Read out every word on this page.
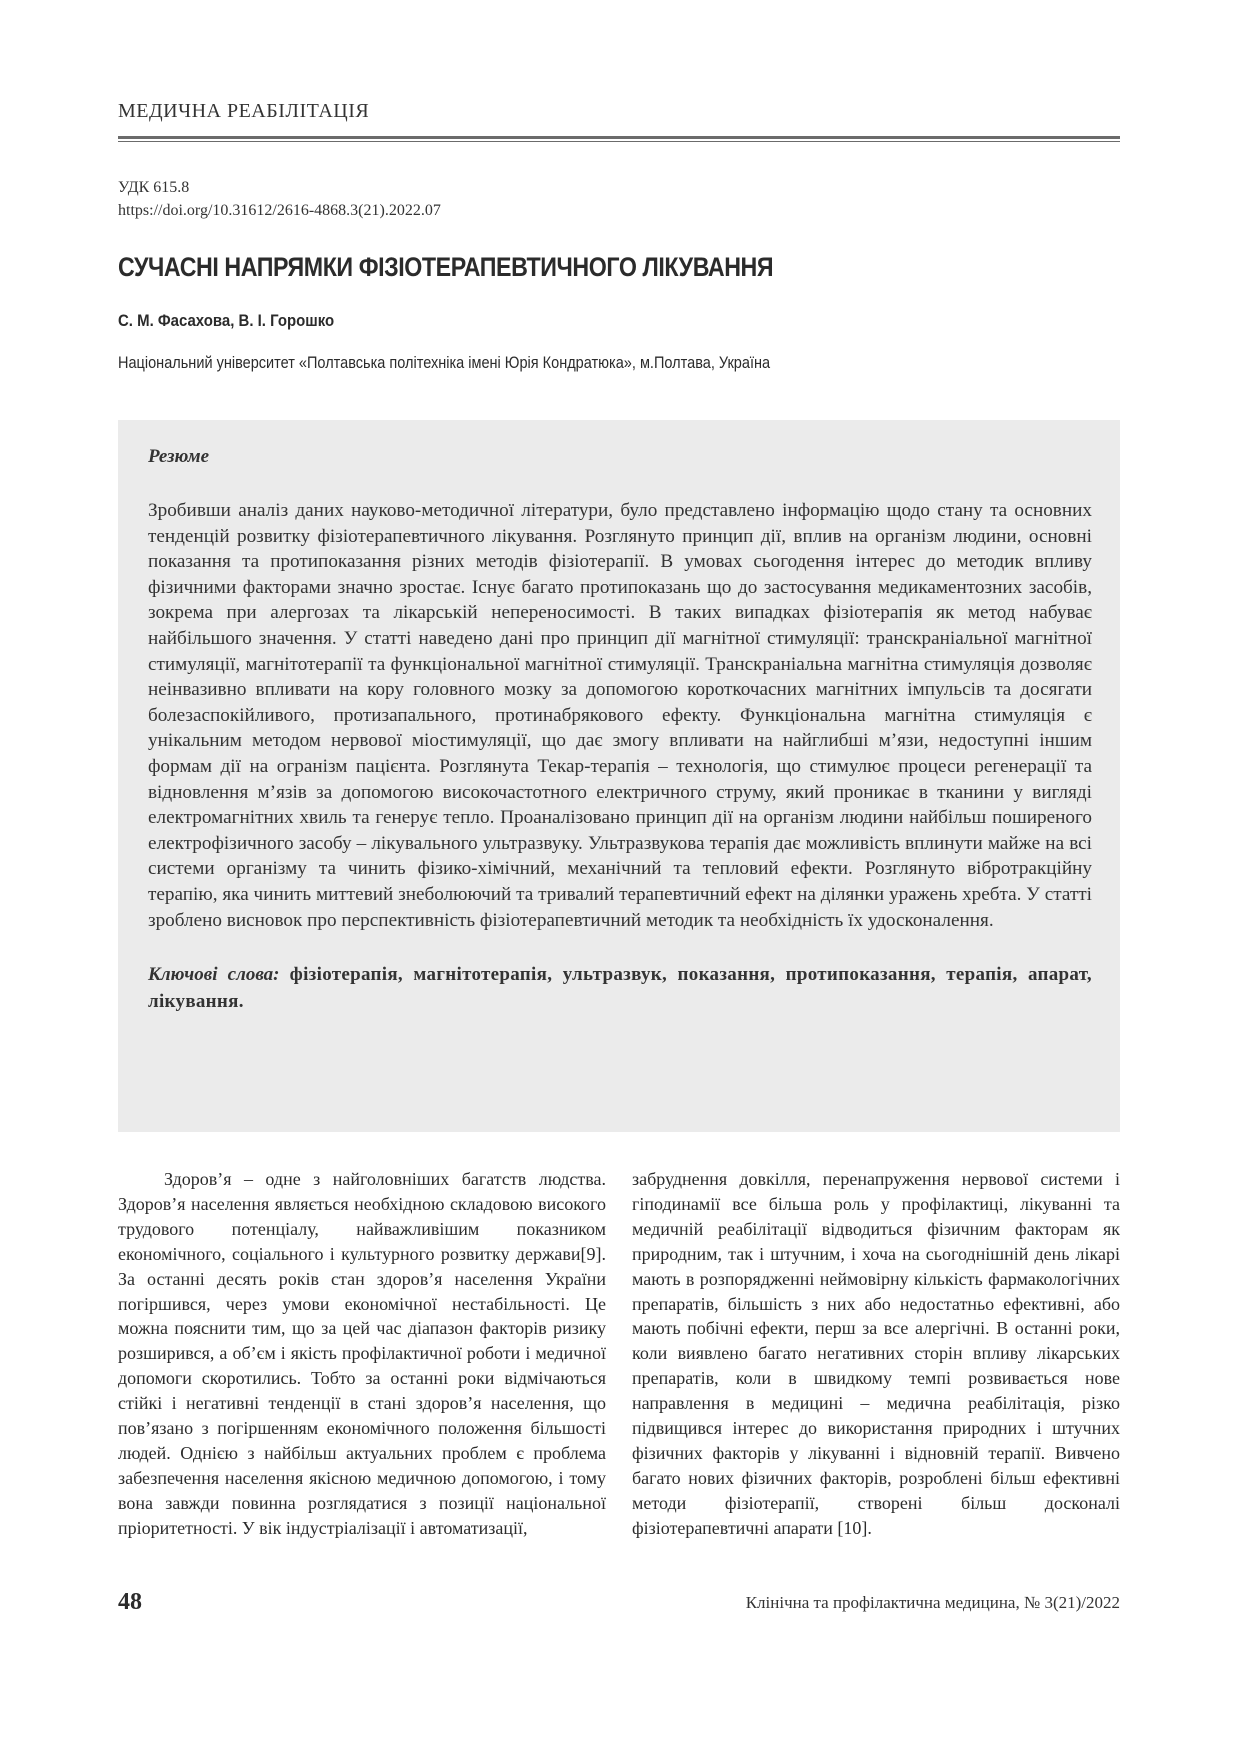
МЕДИЧНА РЕАБІЛІТАЦІЯ
УДК 615.8
https://doi.org/10.31612/2616-4868.3(21).2022.07
СУЧАСНІ НАПРЯМКИ ФІЗІОТЕРАПЕВТИЧНОГО ЛІКУВАННЯ
С. М. Фасахова, В. І. Горошко
Національний університет «Полтавська політехніка імені Юрія Кондратюка», м.Полтава, Україна

Резюме

Зробивши аналіз даних науково-методичної літератури, було представлено інформацію щодо стану та основних тенденцій розвитку фізіотерапевтичного лікування. Розглянуто принцип дії, вплив на організм людини, основні показання та протипоказання різних методів фізіотерапії. В умовах сьогодення інтерес до методик впливу фізичними факторами значно зростає. Існує багато протипоказань що до застосування медикаментозних засобів, зокрема при алергозах та лікарській непереносимості. В таких випадках фізіотерапія як метод набуває найбільшого значення. У статті наведено дані про принцип дії магнітної стимуляції: транскраніальної магнітної стимуляції, магнітотерапії та функціональної магнітної стимуляції. Транскраніальна магнітна стимуляція дозволяє неінвазивно впливати на кору головного мозку за допомогою короткочасних магнітних імпульсів та досягати болезаспокійливого, протизапального, протинабрякового ефекту. Функціональна магнітна стимуляція є унікальним методом нервової міостимуляції, що дає змогу впливати на найглибші м’язи, недоступні іншим формам дії на огранізм пацієнта. Розглянута Текар-терапія – технологія, що стимулює процеси регенерації та відновлення м’язів за допомогою високочастотного електричного струму, який проникає в тканини у вигляді електромагнітних хвиль та генерує тепло. Проаналізовано принцип дії на організм людини найбільш поширеного електрофізичного засобу – лікувального ультразвуку. Ультразвукова терапія дає можливість вплинути майже на всі системи організму та чинить фізико-хімічний, механічний та тепловий ефекти. Розглянуто вібротракційну терапію, яка чинить миттевий знеболюючий та тривалий терапевтичний ефект на ділянки уражень хребта. У статті зроблено висновок про перспективність фізіотерапевтичний методик та необхідність їх удосконалення.

Ключові слова: фізіотерапія, магнітотерапія, ультразвук, показання, протипоказання, терапія, апарат, лікування.

Здоров’я – одне з найголовніших багатств людства. Здоров’я населення являється необхідною складовою високого трудового потенціалу, найважливішим показником економічного, соціального і культурного розвитку держави[9]. За останні десять років стан здоров’я населення України погіршився, через умови економічної нестабільності. Це можна пояснити тим, що за цей час діапазон факторів ризику розширився, а об’єм і якість профілактичної роботи і медичної допомоги скоротились. Тобто за останні роки відмічаються стійкі і негативні тенденції в стані здоров’я населення, що пов’язано з погіршенням економічного положення більшості людей. Однією з найбільш актуальних проблем є проблема забезпечення населення якісною медичною допомогою, і тому вона завжди повинна розглядатися з позиції національної пріоритетності. У вік індустріалізації і автоматизації,

забруднення довкілля, перенапруження нервової системи і гіподинамії все більша роль у профілактиці, лікуванні та медичній реабілітації відводиться фізичним факторам як природним, так і штучним, і хоча на сьогоднішній день лікарі мають в розпорядженні неймовірну кількість фармакологічних препаратів, більшість з них або недостатньо ефективні, або мають побічні ефекти, перш за все алергічні. В останні роки, коли виявлено багато негативних сторін впливу лікарських препаратів, коли в швидкому темпі розвивається нове направлення в медицині – медична реабілітація, різко підвищився інтерес до використання природних і штучних фізичних факторів у лікуванні і відновній терапії. Вивчено багато нових фізичних факторів, розроблені більш ефективні методи фізіотерапії, створені більш досконалі фізіотерапевтичні апарати [10].

48	Клінічна та профілактична медицина, № 3(21)/2022
